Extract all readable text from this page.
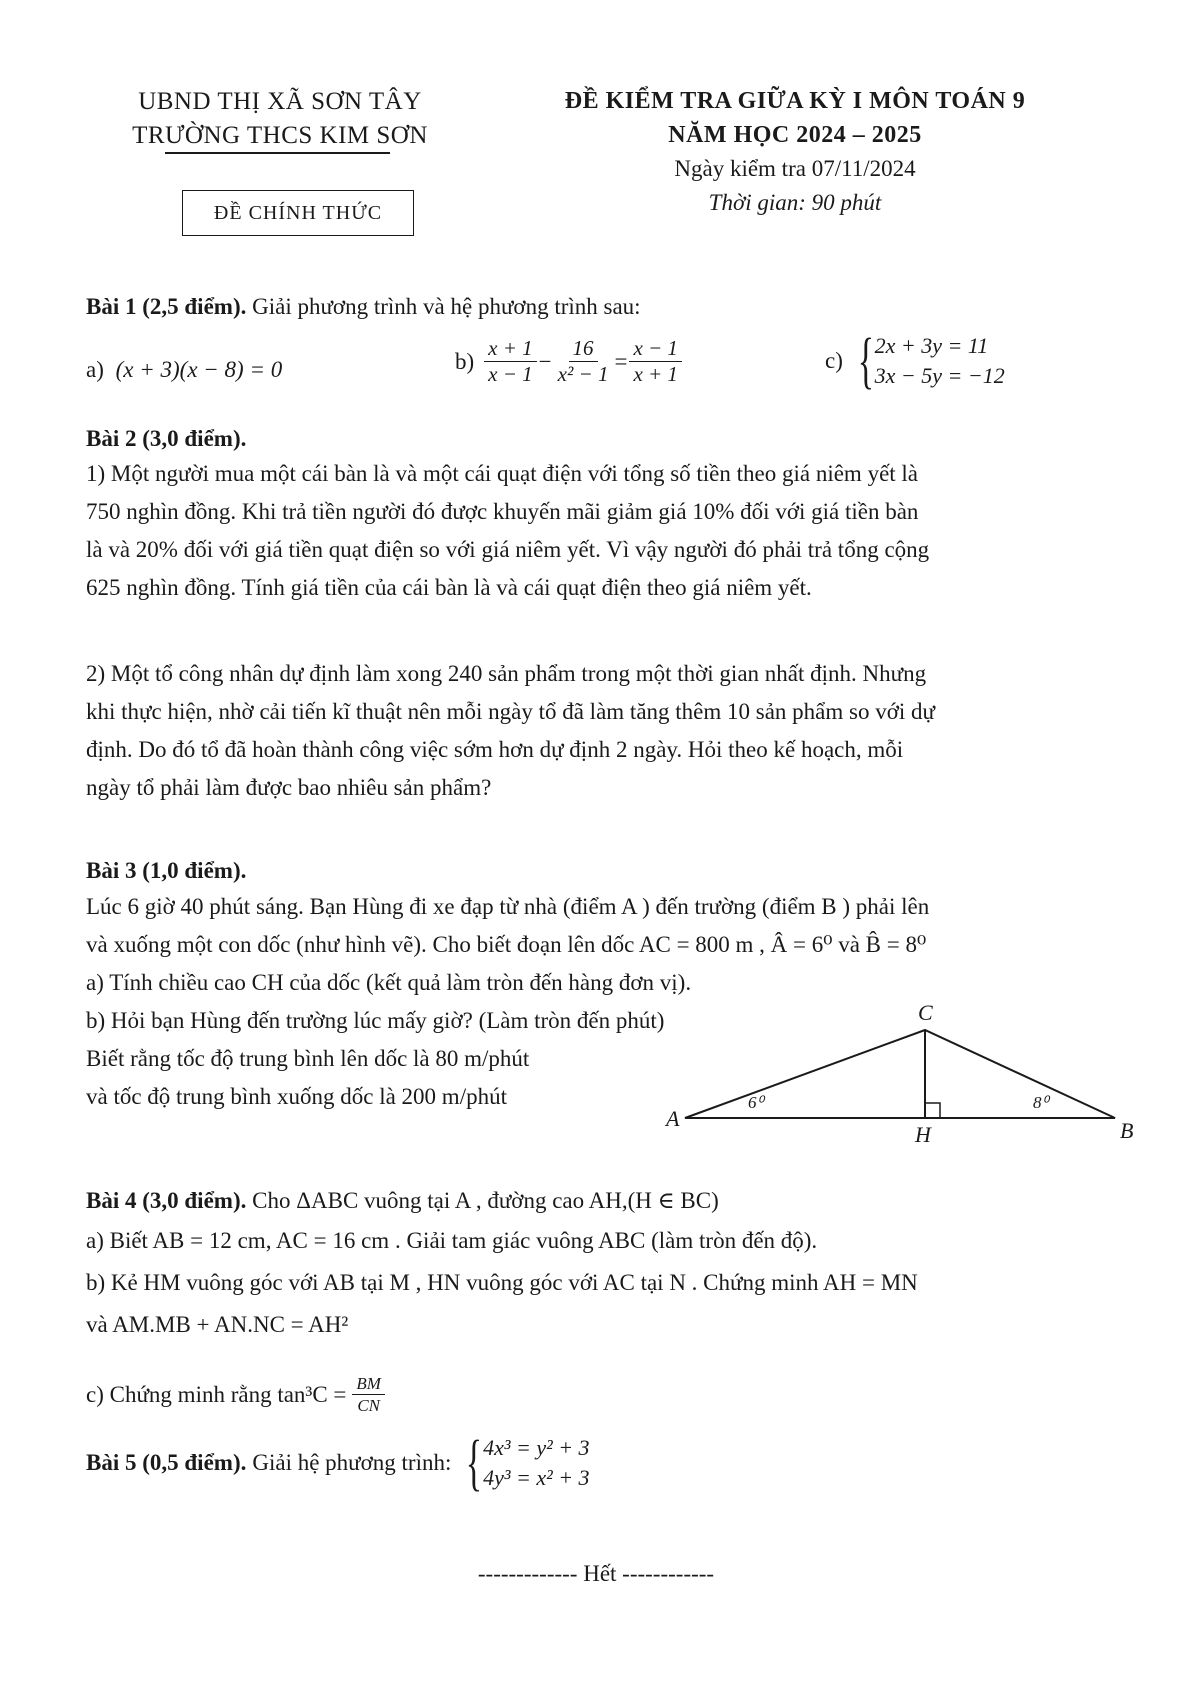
UBND THỊ XÃ SƠN TÂY
TRƯỜNG THCS KIM SƠN
ĐỀ CHÍNH THỨC
ĐỀ KIỂM TRA GIỮA KỲ I MÔN TOÁN 9
NĂM HỌC 2024 – 2025
Ngày kiểm tra 07/11/2024
Thời gian: 90 phút
Bài 1 (2,5 điểm). Giải phương trình và hệ phương trình sau:
a) (x + 3)(x − 8) = 0	$b) \frac{x + 1}{x - 1} - \frac{16}{\text{x² − 1}} = \frac{x - 1}{x + 1}$	c) { 2x + 3y = 11
3x − 5y = −12
Bài 2 (3,0 điểm).
1) Một người mua một cái bàn là và một cái quạt điện với tổng số tiền theo giá niêm yết là
750 nghìn đồng. Khi trả tiền người đó được khuyến mãi giảm giá 10% đối với giá tiền bàn
là và 20% đối với giá tiền quạt điện so với giá niêm yết. Vì vậy người đó phải trả tổng cộng
625 nghìn đồng. Tính giá tiền của cái bàn là và cái quạt điện theo giá niêm yết.
2) Một tổ công nhân dự định làm xong 240 sản phẩm trong một thời gian nhất định. Nhưng
khi thực hiện, nhờ cải tiến kĩ thuật nên mỗi ngày tổ đã làm tăng thêm 10 sản phẩm so với dự
định. Do đó tổ đã hoàn thành công việc sớm hơn dự định 2 ngày. Hỏi theo kế hoạch, mỗi
ngày tổ phải làm được bao nhiêu sản phẩm?
Bài 3 (1,0 điểm).
Lúc 6 giờ 40 phút sáng. Bạn Hùng đi xe đạp từ nhà (điểm A ) đến trường (điểm B ) phải lên
và xuống một con dốc (như hình vẽ). Cho biết đoạn lên dốc AC = 800 m , Â = 6⁰ và B̂ = 8⁰
a) Tính chiều cao CH của dốc (kết quả làm tròn đến hàng đơn vị).
b) Hỏi bạn Hùng đến trường lúc mấy giờ? (Làm tròn đến phút)
Biết rằng tốc độ trung bình lên dốc là 80 m/phút
và tốc độ trung bình xuống dốc là 200 m/phút
A	B
C
H
6⁰	8⁰
Bài 4 (3,0 điểm). Cho ΔABC vuông tại A , đường cao AH,(H ∈ BC)
a) Biết AB = 12 cm, AC = 16 cm . Giải tam giác vuông ABC (làm tròn đến độ).
b) Kẻ HM vuông góc với AB tại M , HN vuông góc với AC tại N . Chứng minh AH = MN
và AM.MB + AN.NC = AH²
c) Chứng minh rằng $\tan^3C = \frac{BM}{CN}$
Bài 5 (0,5 điểm). Giải hệ phương trình: { 4x³ = y² + 3
4y³ = x² + 3
------------- Hết ------------
